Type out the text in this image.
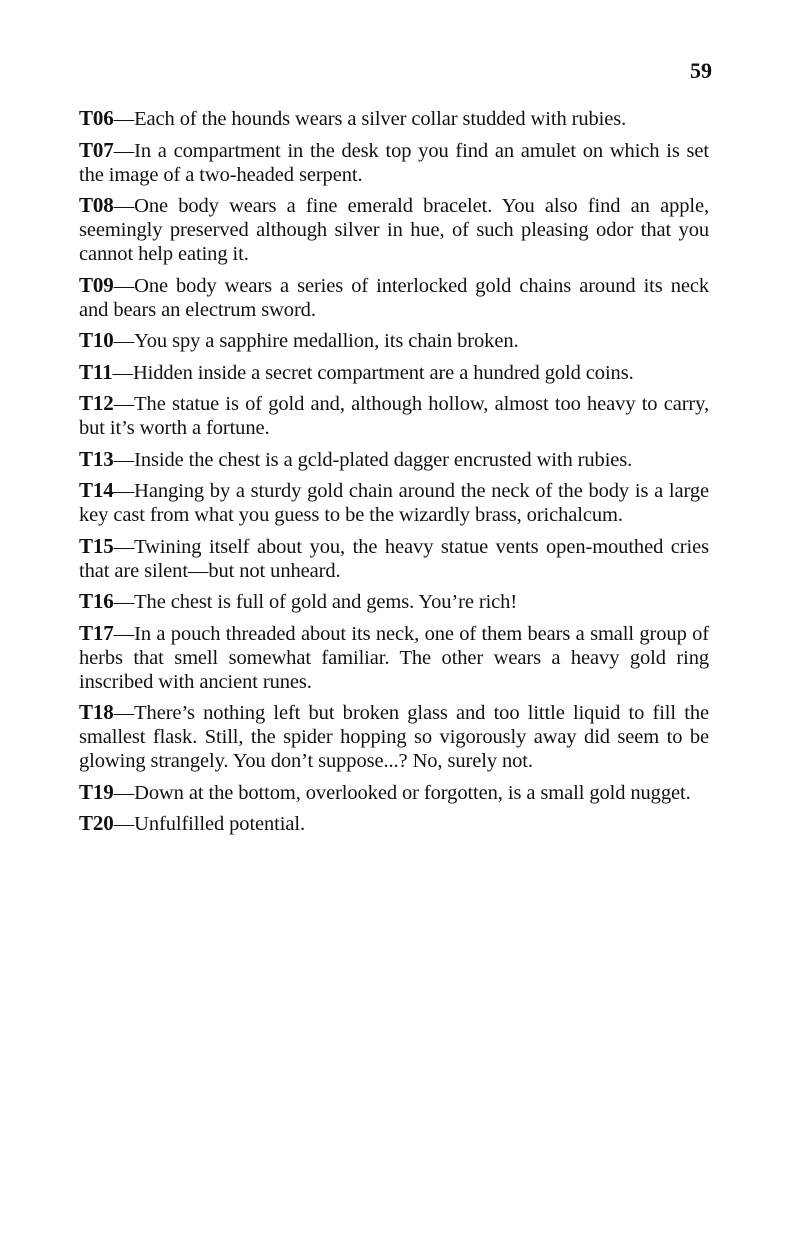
59

T06—Each of the hounds wears a silver collar studded with rubies.

T07—In a compartment in the desk top you find an amulet on which is set the image of a two-headed serpent.

T08—One body wears a fine emerald bracelet. You also find an apple, seemingly preserved although silver in hue, of such pleasing odor that you cannot help eating it.

T09—One body wears a series of interlocked gold chains around its neck and bears an electrum sword.

T10—You spy a sapphire medallion, its chain broken.

T11—Hidden inside a secret compartment are a hundred gold coins.

T12—The statue is of gold and, although hollow, almost too heavy to carry, but it’s worth a fortune.

T13—Inside the chest is a gcld-plated dagger encrusted with rubies.

T14—Hanging by a sturdy gold chain around the neck of the body is a large key cast from what you guess to be the wizardly brass, orichalcum.

T15—Twining itself about you, the heavy statue vents open-mouthed cries that are silent—but not unheard.

T16—The chest is full of gold and gems. You’re rich!

T17—In a pouch threaded about its neck, one of them bears a small group of herbs that smell somewhat familiar. The other wears a heavy gold ring inscribed with ancient runes.

T18—There’s nothing left but broken glass and too little liquid to fill the smallest flask. Still, the spider hopping so vigorously away did seem to be glowing strangely. You don’t suppose...? No, surely not.

T19—Down at the bottom, overlooked or forgotten, is a small gold nugget.

T20—Unfulfilled potential.
